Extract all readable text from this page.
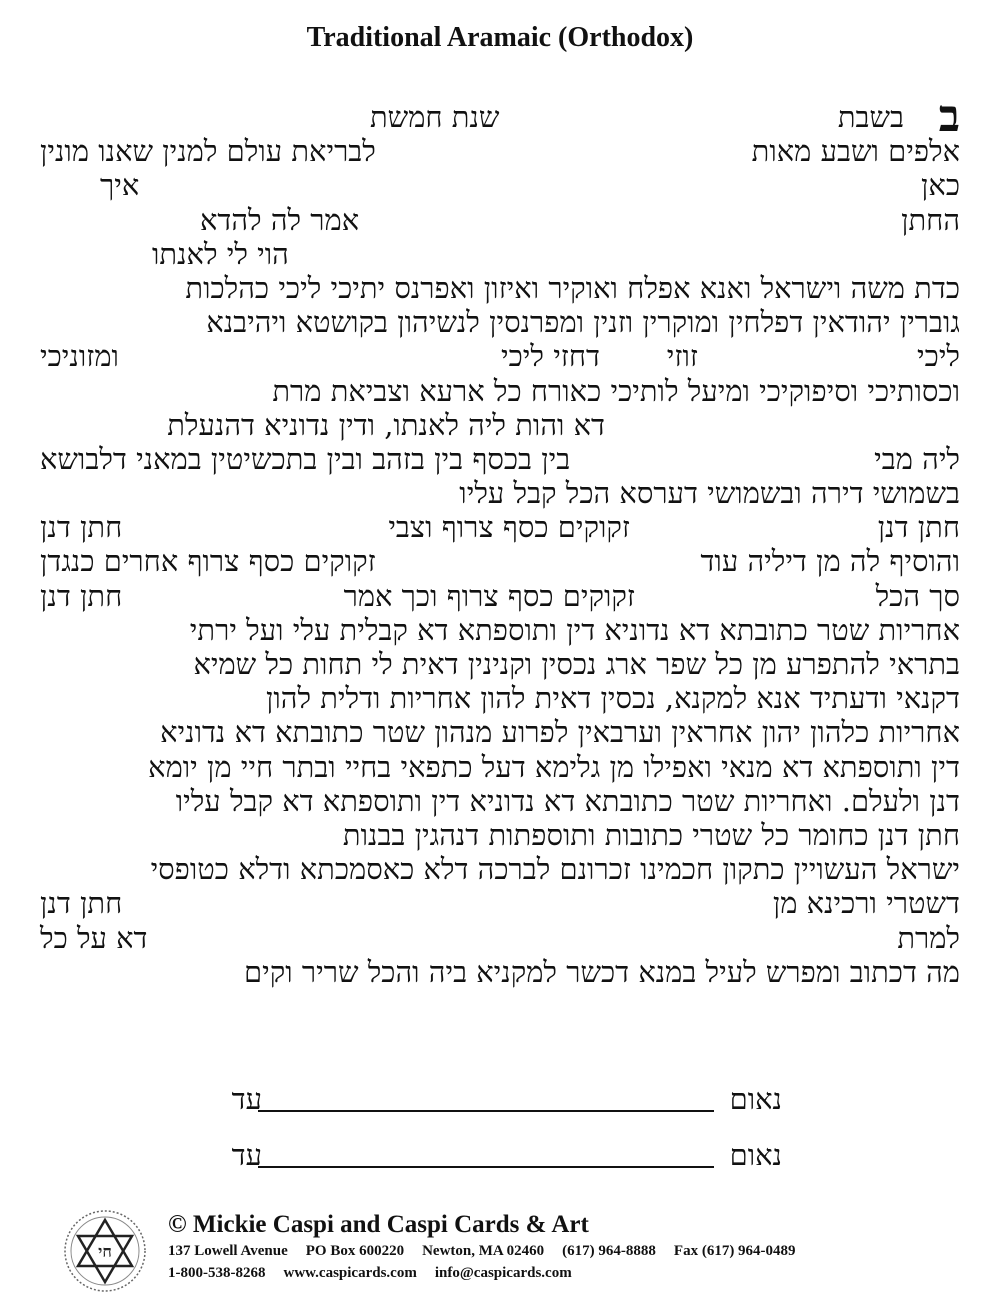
Traditional Aramaic (Orthodox)
ב
בשבת
שנת חמשת
אלפים ושבע מאות
לבריאת עולם למנין שאנו מונין
כאן
איך
החתן
אמר לה להדא
הוי לי לאנתו
כדת משה וישראל ואנא אפלח ואוקיר ואיזון ואפרנס יתיכי ליכי כהלכות
גוברין יהודאין דפלחין ומוקרין וזנין ומפרנסין לנשיהון בקושטא ויהיבנא
ליכי
זוזי
דחזי ליכי
ומזוניכי
וכסותיכי וסיפוקיכי ומיעל לותיכי כאורח כל ארעא וצביאת מרת
דא והות ליה לאנתו, ודין נדוניא דהנעלת
ליה מבי
בין בכסף בין בזהב ובין בתכשיטין במאני דלבושא
בשמושי דירה ובשמושי דערסא הכל קבל עליו
חתן דנן
זקוקים כסף צרוף וצבי
חתן דנן
והוסיף לה מן דיליה עוד
זקוקים כסף צרוף אחרים כנגדן
סך הכל
זקוקים כסף צרוף וכך אמר
חתן דנן
אחריות שטר כתובתא דא נדוניא דין ותוספתא דא קבלית עלי ועל ירתי
בתראי להתפרע מן כל שפר ארג נכסין וקנינין דאית לי תחות כל שמיא
דקנאי ודעתיד אנא למקנא, נכסין דאית להון אחריות ודלית להון
אחריות כלהון יהון אחראין וערבאין לפרוע מנהון שטר כתובתא דא נדוניא
דין ותוספתא דא מנאי ואפילו מן גלימא דעל כתפאי בחיי ובתר חיי מן יומא
דנן ולעלם. ואחריות שטר כתובתא דא נדוניא דין ותוספתא דא קבל עליו
חתן דנן כחומר כל שטרי כתובות ותוספתות דנהגין בבנות
ישראל העשויין כתקון חכמינו זכרונם לברכה דלא כאסמכתא ודלא כטופסי
דשטרי ורכינא מן
חתן דנן
למרת
דא על כל
מה דכתוב ומפרש לעיל במנא דכשר למקניא ביה והכל שריר וקים
נאום
עד
נאום
עד
חי
© Mickie Caspi and Caspi Cards & Art
137 Lowell Avenue PO Box 600220 Newton, MA 02460 (617) 964-8888 Fax (617) 964-0489
1-800-538-8268 www.caspicards.com info@caspicards.com
